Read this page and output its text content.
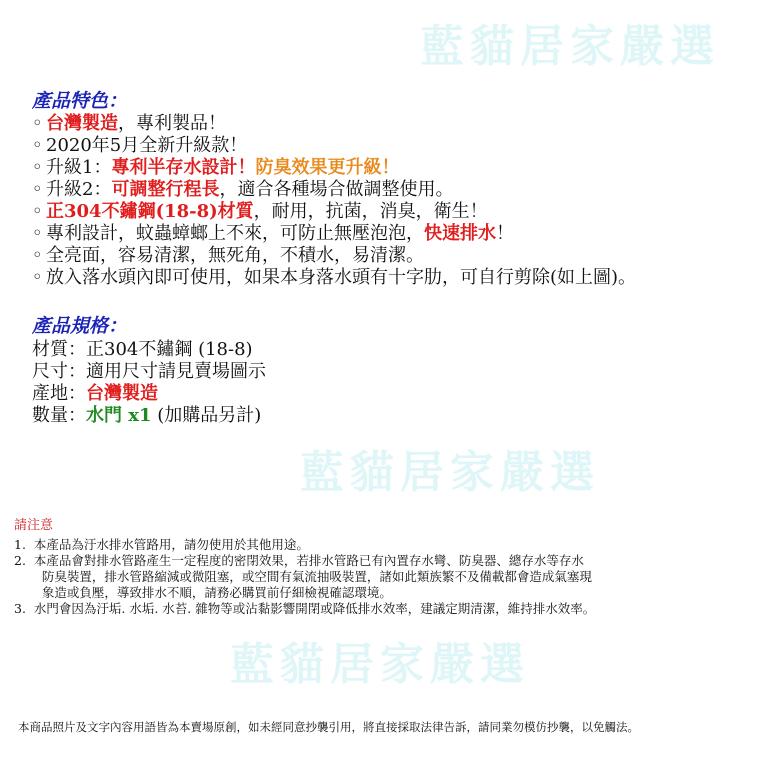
藍貓居家嚴選
藍貓居家嚴選
藍貓居家嚴選
產品特色：
◦ 台灣製造，專利製品！
◦ 2020年5月全新升級款！
◦ 升級1：專利半存水設計！防臭效果更升級！
◦ 升級2：可調整行程長，適合各種場合做調整使用。
◦ 正304不鏽鋼(18-8)材質，耐用，抗菌，消臭，衛生！
◦ 專利設計，蚊蟲蟑螂上不來，可防止無壓泡泡，快速排水！
◦ 全亮面，容易清潔，無死角，不積水，易清潔。
◦ 放入落水頭內即可使用，如果本身落水頭有十字肋，可自行剪除(如上圖)。
產品規格：
材質：正304不鏽鋼 (18-8)
尺寸：適用尺寸請見賣場圖示
產地：台灣製造
數量：水門 x1 (加購品另計)
請注意
1.  本產品為汙水排水管路用，請勿使用於其他用途。
2.  本產品會對排水管路產生一定程度的密閉效果，若排水管路已有內置存水彎、防臭器、總存水等存水
防臭裝置，排水管路縮減或微阻塞，或空間有氣流抽吸裝置，諸如此類族繁不及備載都會造成氣塞現
象造或負壓，導致排水不順，請務必購買前仔細檢視確認環境。
3.  水門會因為汙垢. 水垢. 水苔. 雜物等或沾黏影響開閉或降低排水效率，建議定期清潔，維持排水效率。
本商品照片及文字內容用語皆為本賣場原創，如未經同意抄襲引用，將直接採取法律告訴，請同業勿模仿抄襲，以免觸法。
